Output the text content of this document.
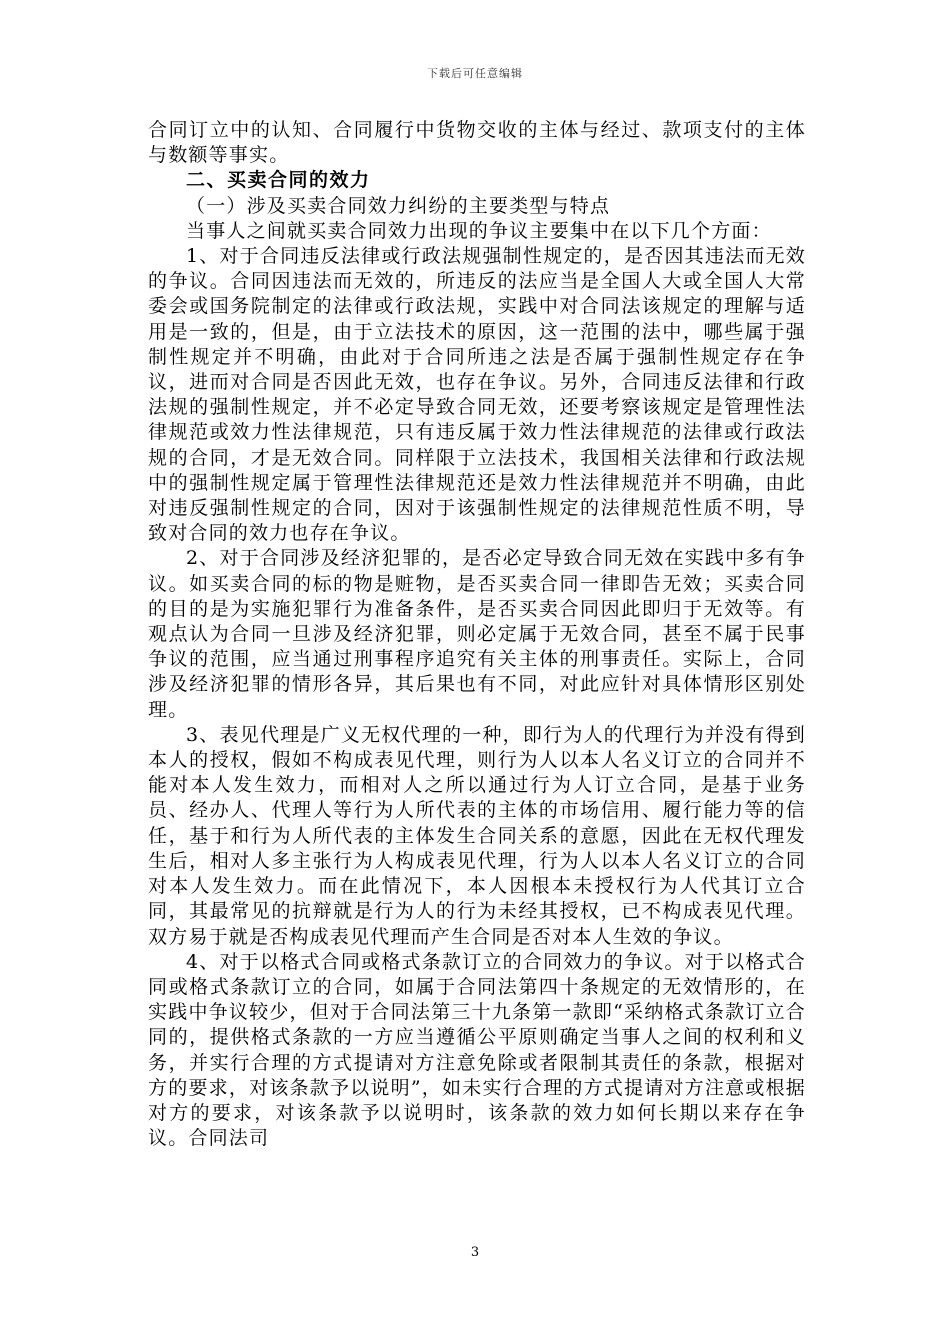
下载后可任意编辑

合同订立中的认知、合同履行中货物交收的主体与经过、款项支付的主体与数额等事实。

二、买卖合同的效力

（一）涉及买卖合同效力纠纷的主要类型与特点

当事人之间就买卖合同效力出现的争议主要集中在以下几个方面：

1、对于合同违反法律或行政法规强制性规定的，是否因其违法而无效的争议。合同因违法而无效的，所违反的法应当是全国人大或全国人大常委会或国务院制定的法律或行政法规，实践中对合同法该规定的理解与适用是一致的，但是，由于立法技术的原因，这一范围的法中，哪些属于强制性规定并不明确，由此对于合同所违之法是否属于强制性规定存在争议，进而对合同是否因此无效，也存在争议。另外，合同违反法律和行政法规的强制性规定，并不必定导致合同无效，还要考察该规定是管理性法律规范或效力性法律规范，只有违反属于效力性法律规范的法律或行政法规的合同，才是无效合同。同样限于立法技术，我国相关法律和行政法规中的强制性规定属于管理性法律规范还是效力性法律规范并不明确，由此对违反强制性规定的合同，因对于该强制性规定的法律规范性质不明，导致对合同的效力也存在争议。

2、对于合同涉及经济犯罪的，是否必定导致合同无效在实践中多有争议。如买卖合同的标的物是赃物，是否买卖合同一律即告无效；买卖合同的目的是为实施犯罪行为准备条件，是否买卖合同因此即归于无效等。有观点认为合同一旦涉及经济犯罪，则必定属于无效合同，甚至不属于民事争议的范围，应当通过刑事程序追究有关主体的刑事责任。实际上，合同涉及经济犯罪的情形各异，其后果也有不同，对此应针对具体情形区别处理。

3、表见代理是广义无权代理的一种，即行为人的代理行为并没有得到本人的授权，假如不构成表见代理，则行为人以本人名义订立的合同并不能对本人发生效力，而相对人之所以通过行为人订立合同，是基于业务员、经办人、代理人等行为人所代表的主体的市场信用、履行能力等的信任，基于和行为人所代表的主体发生合同关系的意愿，因此在无权代理发生后，相对人多主张行为人构成表见代理，行为人以本人名义订立的合同对本人发生效力。而在此情况下，本人因根本未授权行为人代其订立合同，其最常见的抗辩就是行为人的行为未经其授权，已不构成表见代理。双方易于就是否构成表见代理而产生合同是否对本人生效的争议。

4、对于以格式合同或格式条款订立的合同效力的争议。对于以格式合同或格式条款订立的合同，如属于合同法第四十条规定的无效情形的，在实践中争议较少，但对于合同法第三十九条第一款即“采纳格式条款订立合同的，提供格式条款的一方应当遵循公平原则确定当事人之间的权利和义务，并实行合理的方式提请对方注意免除或者限制其责任的条款，根据对方的要求，对该条款予以说明”，如未实行合理的方式提请对方注意或根据对方的要求，对该条款予以说明时，该条款的效力如何长期以来存在争议。合同法司

3
